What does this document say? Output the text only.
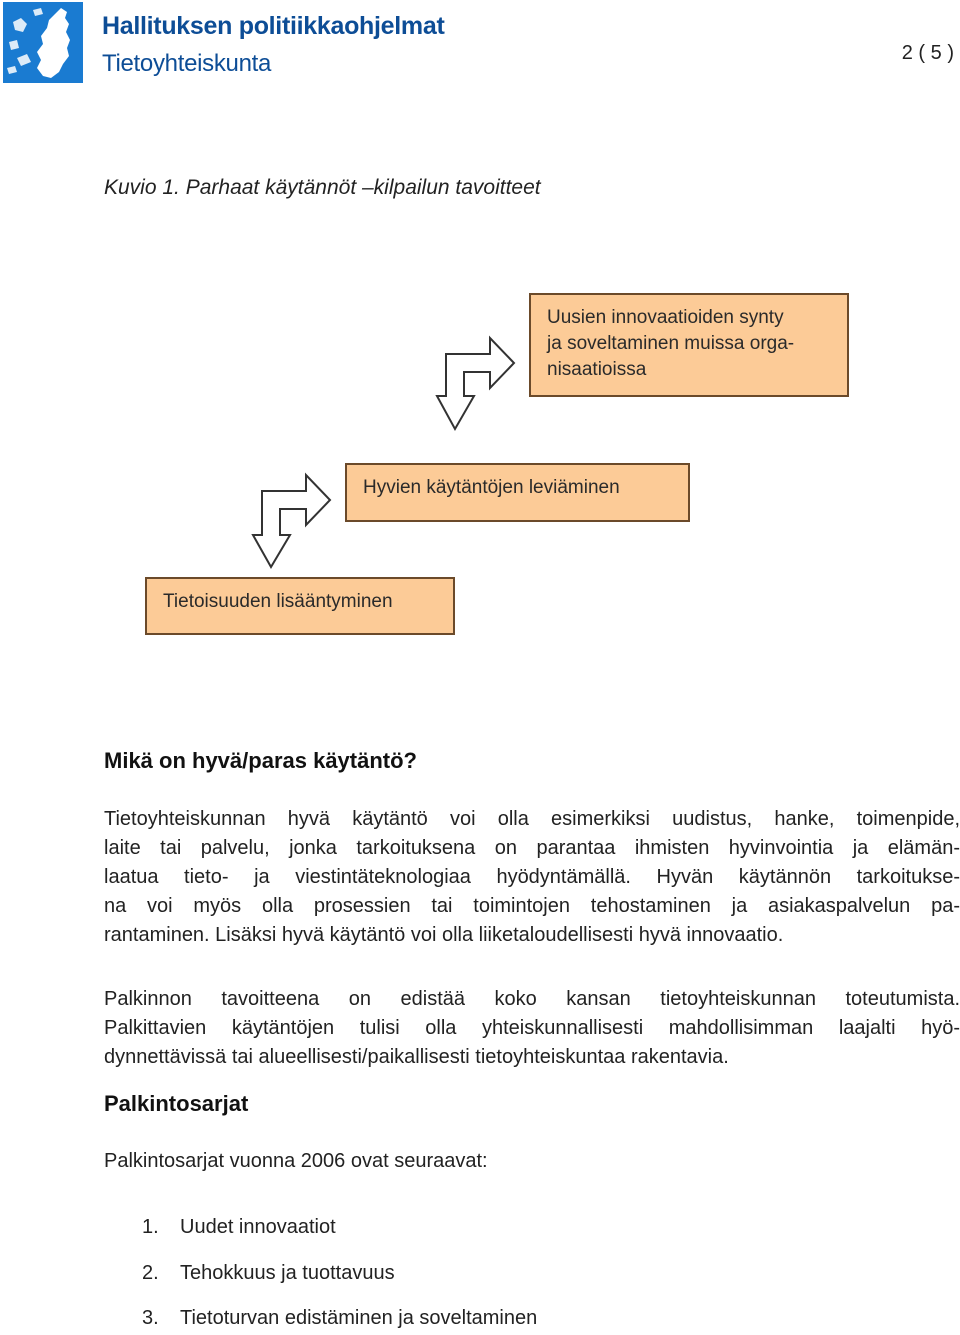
Hallituksen politiikkaohjelmat
Tietoyhteiskunta	2 ( 5 )
Kuvio 1. Parhaat käytännöt –kilpailun tavoitteet
Uusien innovaatioiden synty
ja soveltaminen muissa orga-
nisaatioissa
Hyvien käytäntöjen leviäminen
Tietoisuuden lisääntyminen
Mikä on hyvä/paras käytäntö?
Tietoyhteiskunnan hyvä käytäntö voi olla esimerkiksi uudistus, hanke, toimenpide,
laite tai palvelu, jonka tarkoituksena on parantaa ihmisten hyvinvointia ja elämän-
laatua tieto- ja viestintäteknologiaa hyödyntämällä. Hyvän käytännön tarkoitukse-
na voi myös olla prosessien tai toimintojen tehostaminen ja asiakaspalvelun pa-
rantaminen. Lisäksi hyvä käytäntö voi olla liiketaloudellisesti hyvä innovaatio.
Palkinnon tavoitteena on edistää koko kansan tietoyhteiskunnan toteutumista.
Palkittavien käytäntöjen tulisi olla yhteiskunnallisesti mahdollisimman laajalti hyö-
dynnettävissä tai alueellisesti/paikallisesti tietoyhteiskuntaa rakentavia.
Palkintosarjat
Palkintosarjat vuonna 2006 ovat seuraavat:
1. Uudet innovaatiot
2. Tehokkuus ja tuottavuus
3. Tietoturvan edistäminen ja soveltaminen
